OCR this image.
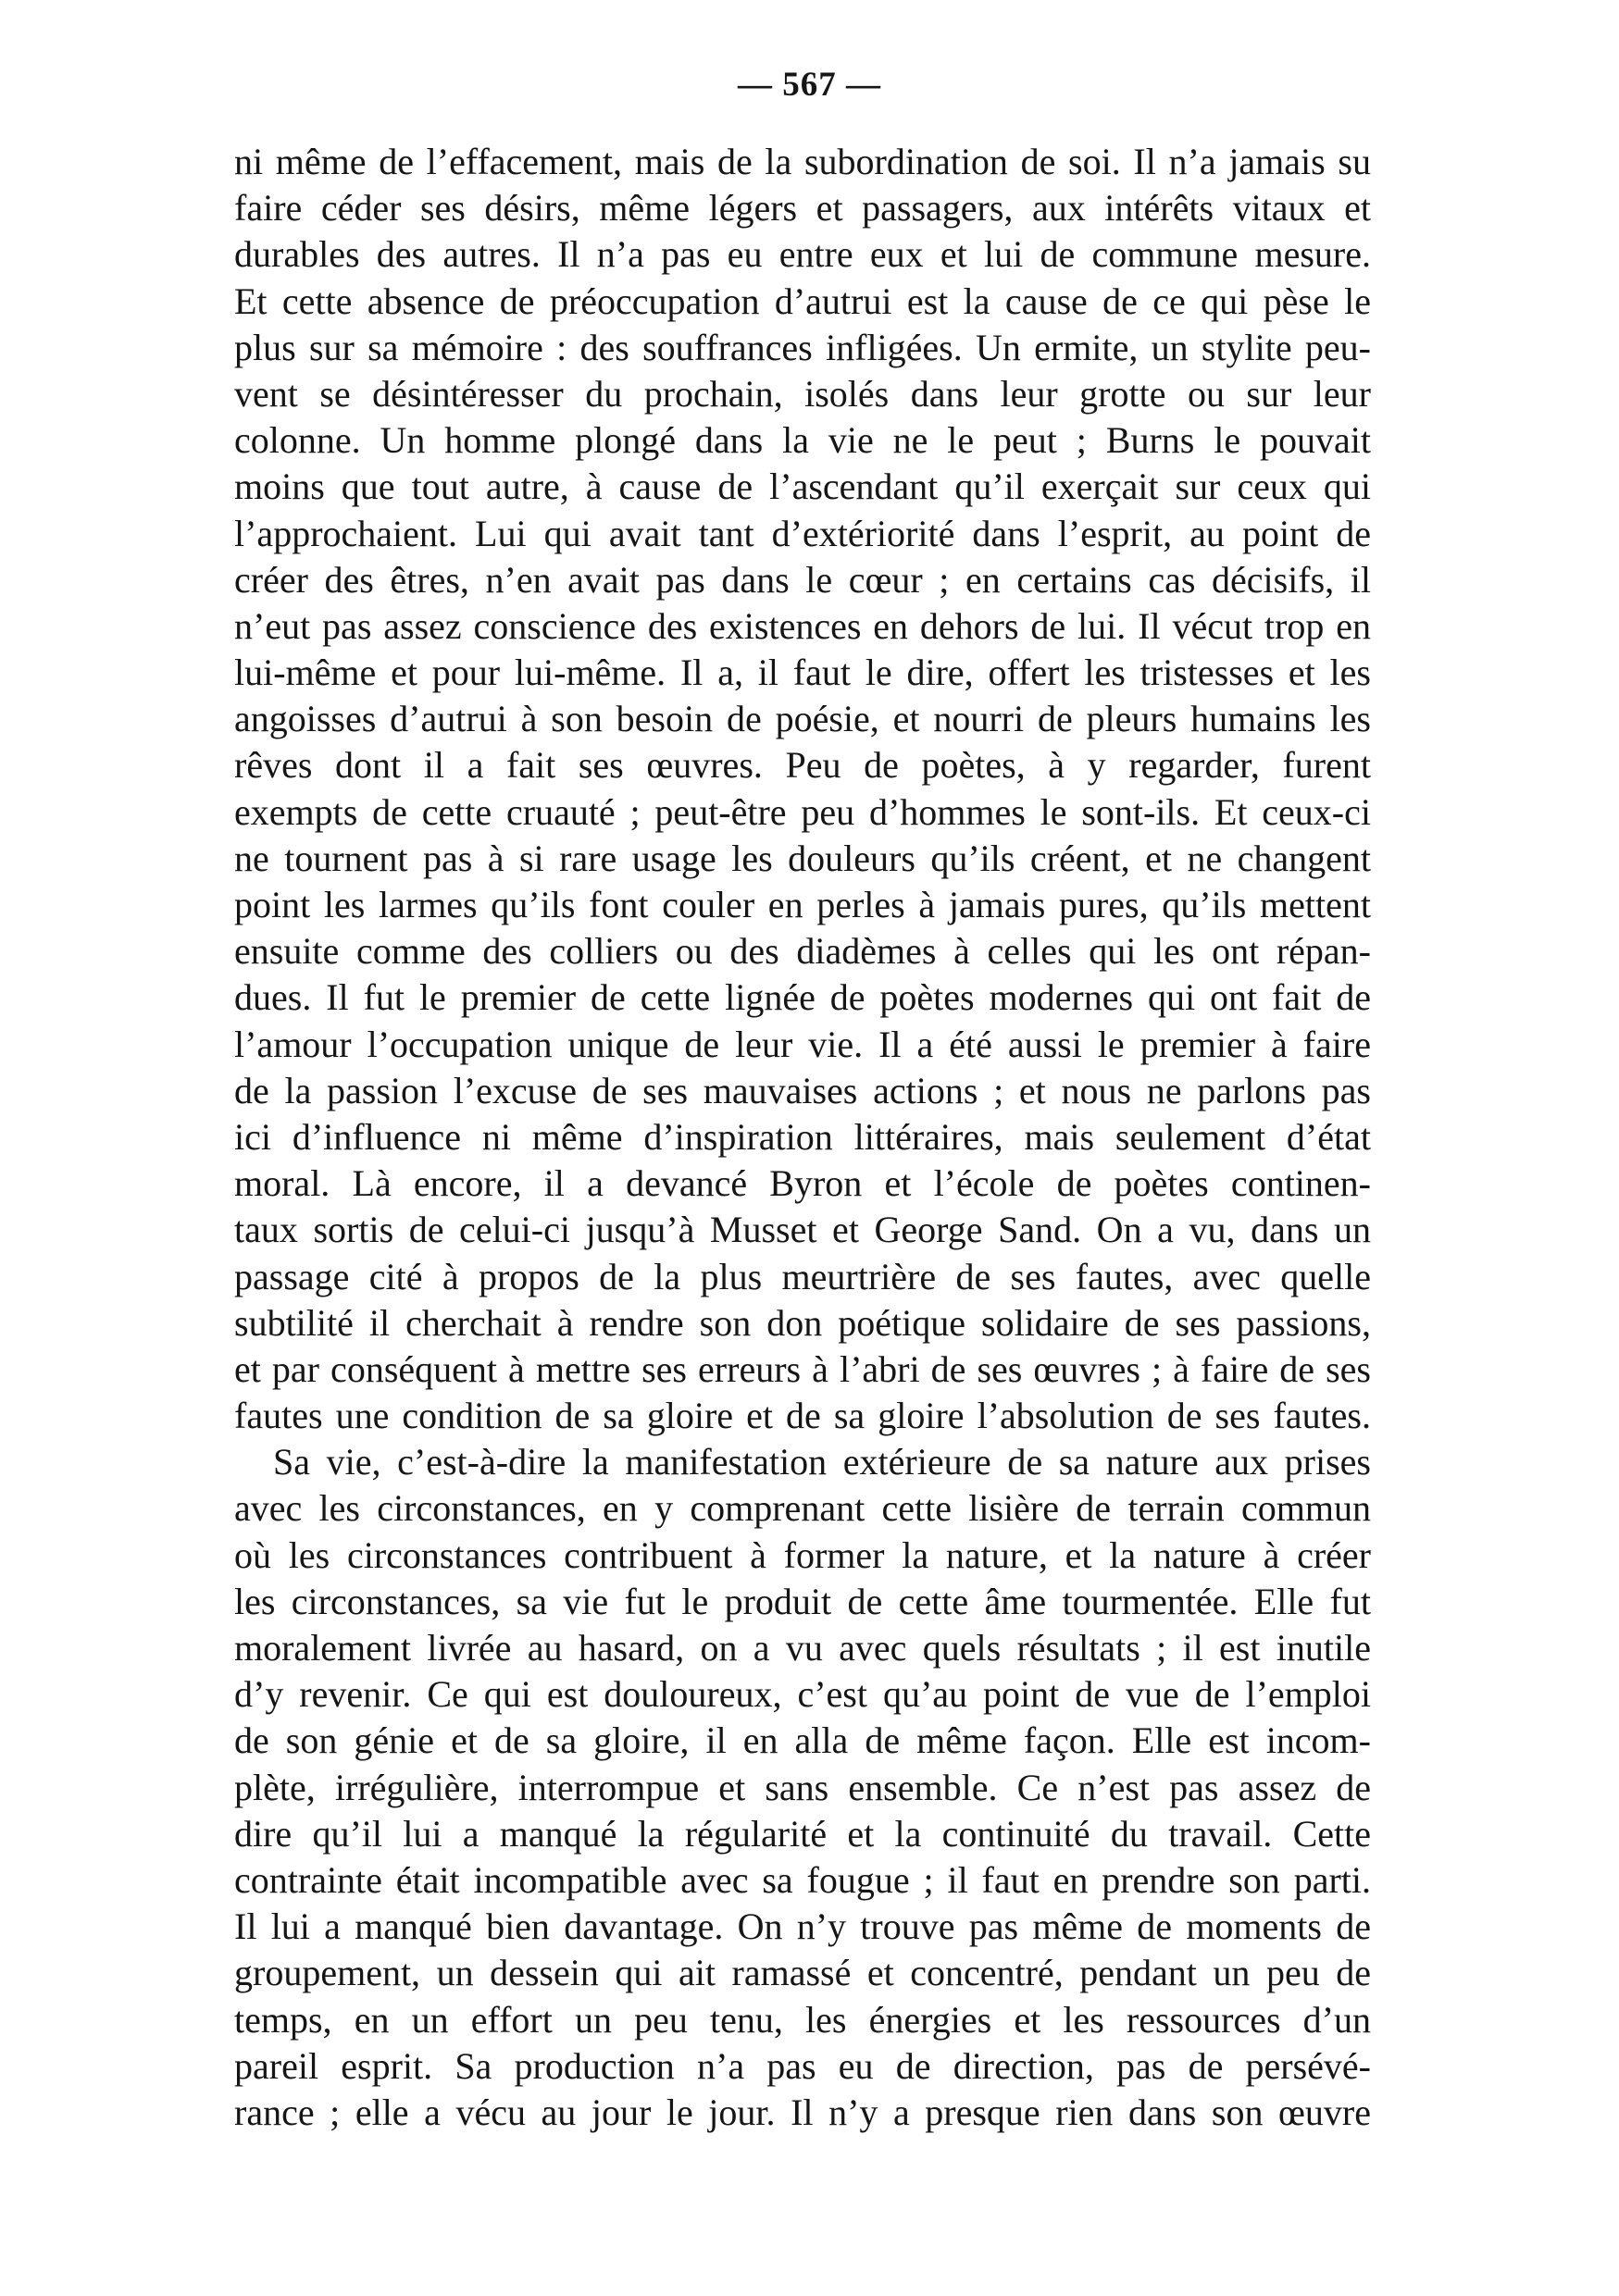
— 567 —
ni même de l’effacement, mais de la subordination de soi. Il n’a jamais su
faire céder ses désirs, même légers et passagers, aux intérêts vitaux et
durables des autres. Il n’a pas eu entre eux et lui de commune mesure.
Et cette absence de préoccupation d’autrui est la cause de ce qui pèse le
plus sur sa mémoire : des souffrances infligées. Un ermite, un stylite peu-
vent se désintéresser du prochain, isolés dans leur grotte ou sur leur
colonne. Un homme plongé dans la vie ne le peut ; Burns le pouvait
moins que tout autre, à cause de l’ascendant qu’il exerçait sur ceux qui
l’approchaient. Lui qui avait tant d’extériorité dans l’esprit, au point de
créer des êtres, n’en avait pas dans le cœur ; en certains cas décisifs, il
n’eut pas assez conscience des existences en dehors de lui. Il vécut trop en
lui-même et pour lui-même. Il a, il faut le dire, offert les tristesses et les
angoisses d’autrui à son besoin de poésie, et nourri de pleurs humains les
rêves dont il a fait ses œuvres. Peu de poètes, à y regarder, furent
exempts de cette cruauté ; peut-être peu d’hommes le sont-ils. Et ceux-ci
ne tournent pas à si rare usage les douleurs qu’ils créent, et ne changent
point les larmes qu’ils font couler en perles à jamais pures, qu’ils mettent
ensuite comme des colliers ou des diadèmes à celles qui les ont répan-
dues. Il fut le premier de cette lignée de poètes modernes qui ont fait de
l’amour l’occupation unique de leur vie. Il a été aussi le premier à faire
de la passion l’excuse de ses mauvaises actions ; et nous ne parlons pas
ici d’influence ni même d’inspiration littéraires, mais seulement d’état
moral. Là encore, il a devancé Byron et l’école de poètes continen-
taux sortis de celui-ci jusqu’à Musset et George Sand. On a vu, dans un
passage cité à propos de la plus meurtrière de ses fautes, avec quelle
subtilité il cherchait à rendre son don poétique solidaire de ses passions,
et par conséquent à mettre ses erreurs à l’abri de ses œuvres ; à faire de ses
fautes une condition de sa gloire et de sa gloire l’absolution de ses fautes.
Sa vie, c’est-à-dire la manifestation extérieure de sa nature aux prises
avec les circonstances, en y comprenant cette lisière de terrain commun
où les circonstances contribuent à former la nature, et la nature à créer
les circonstances, sa vie fut le produit de cette âme tourmentée. Elle fut
moralement livrée au hasard, on a vu avec quels résultats ; il est inutile
d’y revenir. Ce qui est douloureux, c’est qu’au point de vue de l’emploi
de son génie et de sa gloire, il en alla de même façon. Elle est incom-
plète, irrégulière, interrompue et sans ensemble. Ce n’est pas assez de
dire qu’il lui a manqué la régularité et la continuité du travail. Cette
contrainte était incompatible avec sa fougue ; il faut en prendre son parti.
Il lui a manqué bien davantage. On n’y trouve pas même de moments de
groupement, un dessein qui ait ramassé et concentré, pendant un peu de
temps, en un effort un peu tenu, les énergies et les ressources d’un
pareil esprit. Sa production n’a pas eu de direction, pas de persévé-
rance ; elle a vécu au jour le jour. Il n’y a presque rien dans son œuvre
